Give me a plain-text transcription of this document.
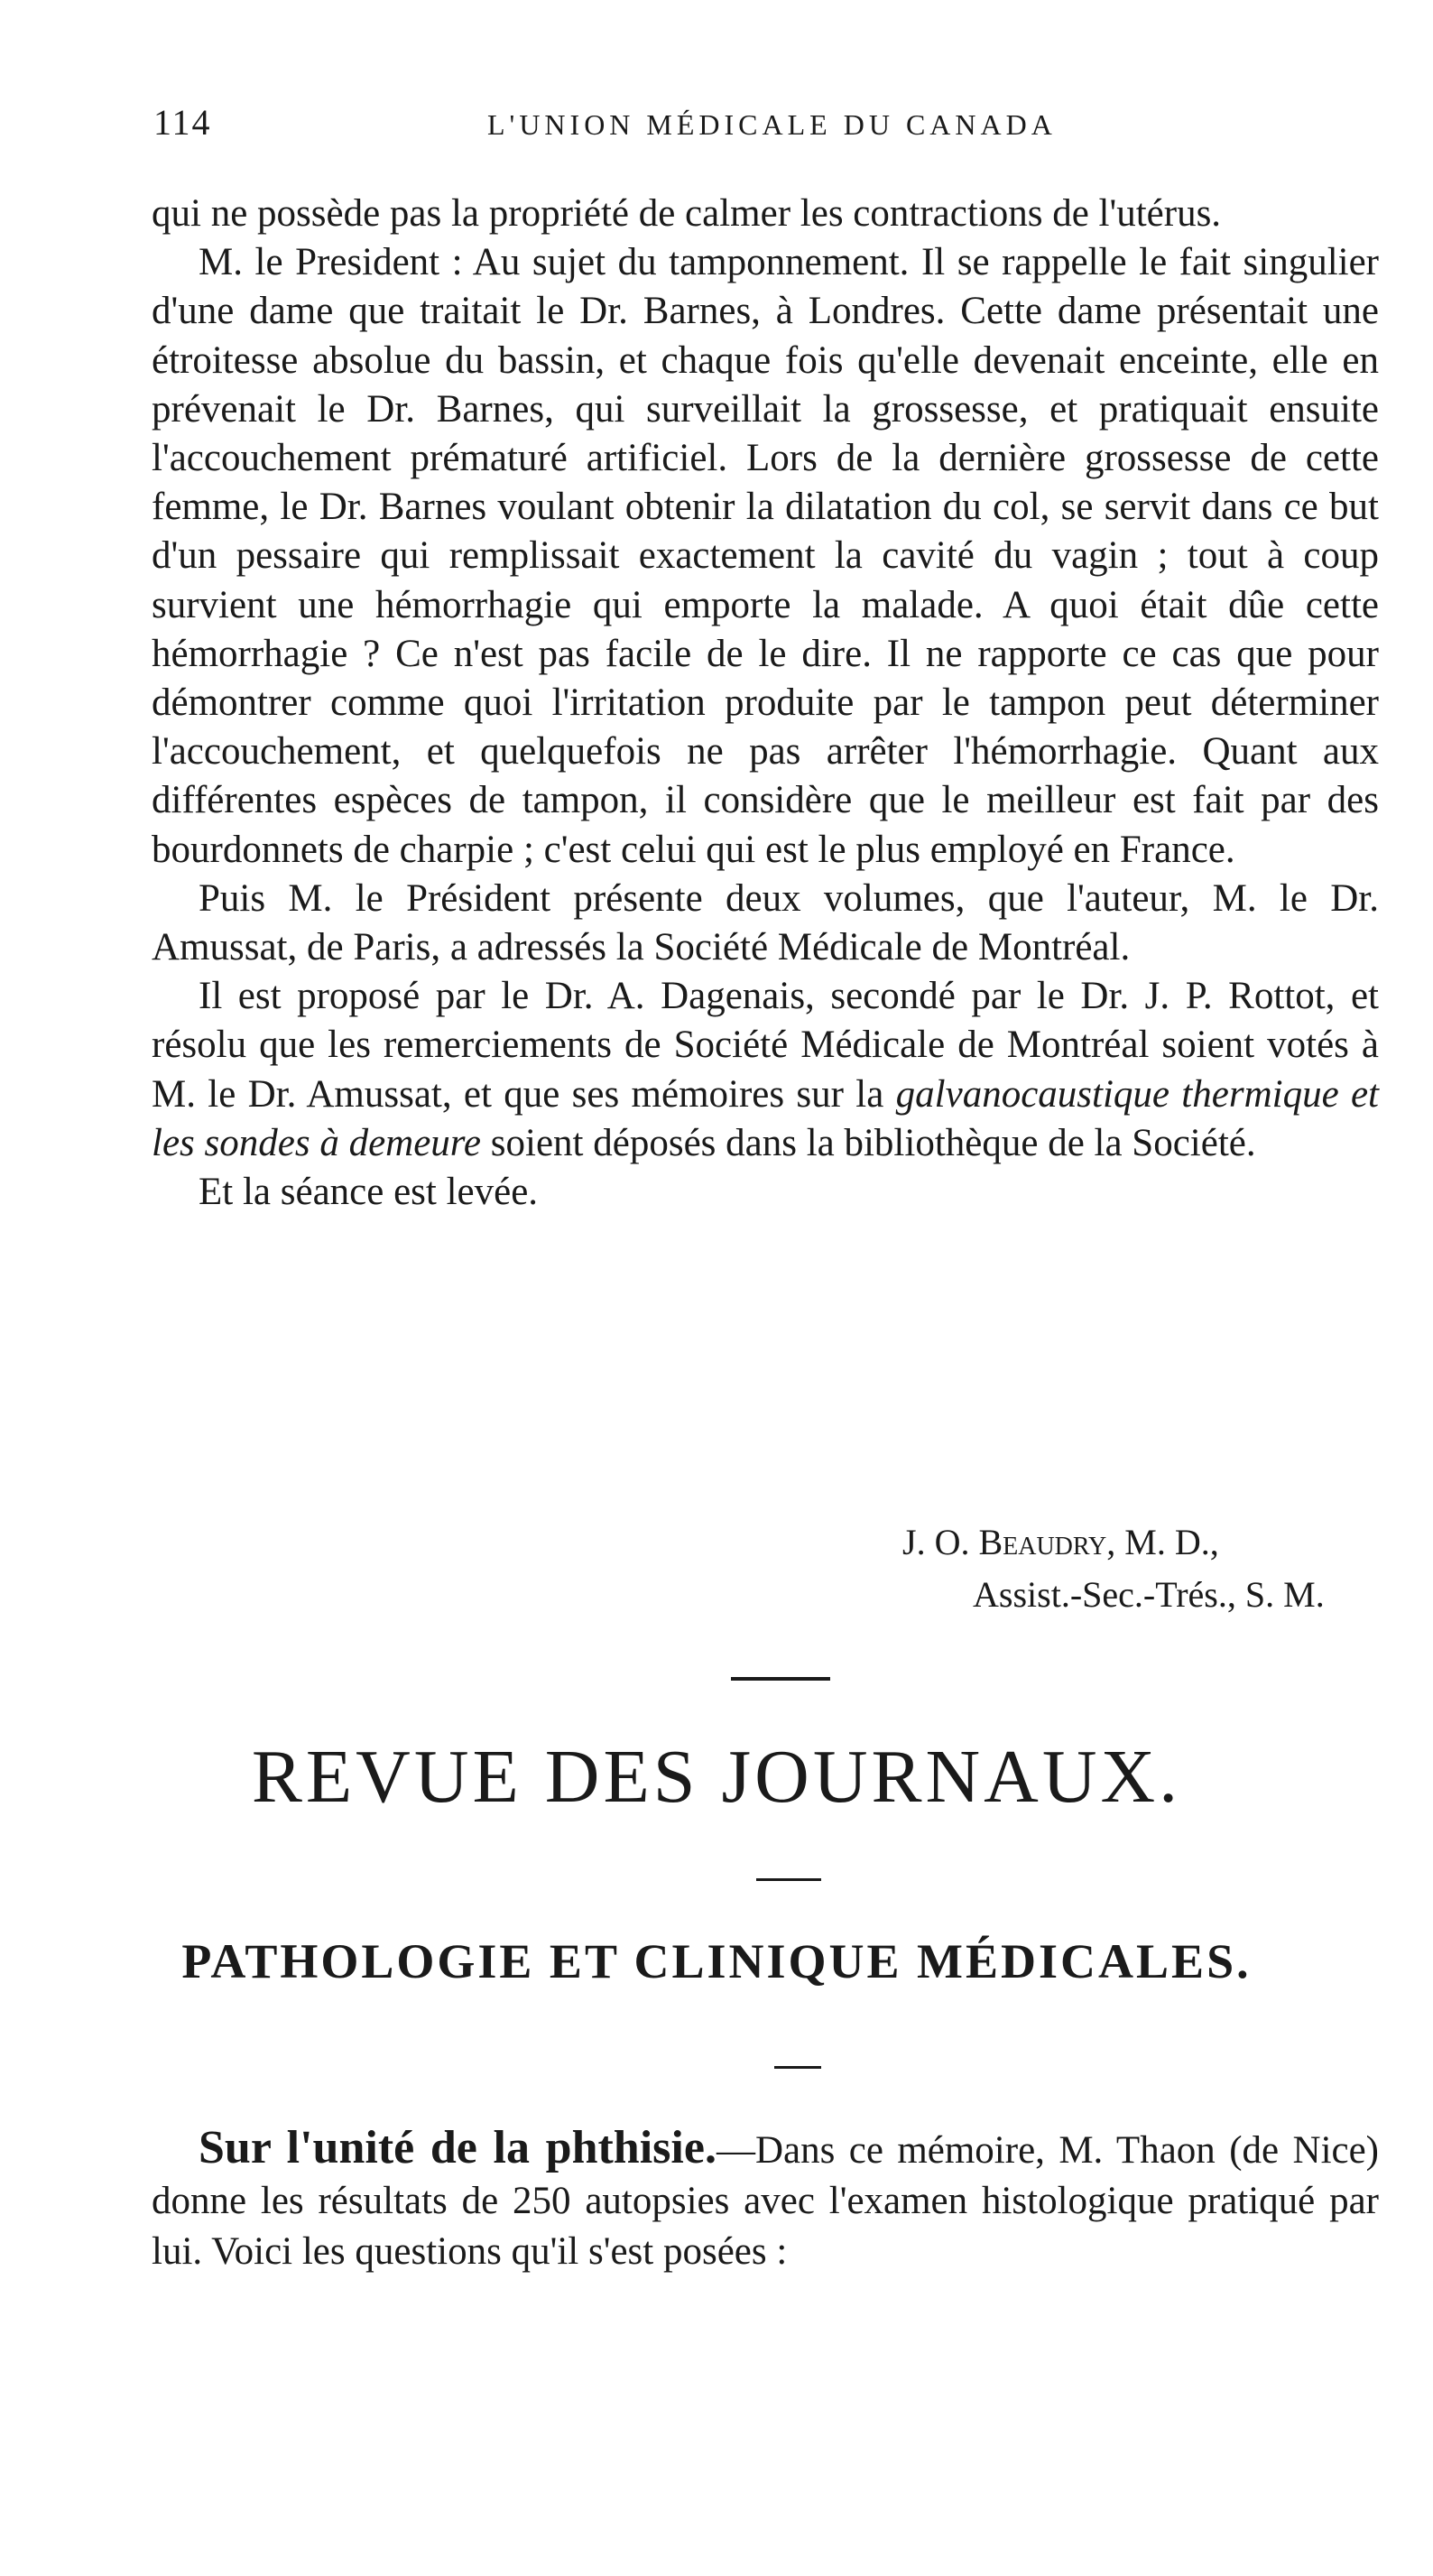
114	L'UNION MÉDICALE DU CANADA

qui ne possède pas la propriété de calmer les contractions de l'utérus.

M. le President : Au sujet du tamponnement. Il se rappelle le fait singulier d'une dame que traitait le Dr. Barnes, à Londres. Cette dame présentait une étroitesse absolue du bassin, et chaque fois qu'elle devenait enceinte, elle en prévenait le Dr. Barnes, qui surveillait la grossesse, et pratiquait ensuite l'accouchement prématuré artificiel. Lors de la dernière grossesse de cette femme, le Dr. Barnes voulant obtenir la dilatation du col, se servit dans ce but d'un pessaire qui remplissait exactement la cavité du vagin ; tout à coup survient une hémorrhagie qui emporte la malade. A quoi était dûe cette hémorrhagie ? Ce n'est pas facile de le dire. Il ne rapporte ce cas que pour démontrer comme quoi l'irritation produite par le tampon peut déterminer l'accouchement, et quelquefois ne pas arrêter l'hémorrhagie. Quant aux différentes espèces de tampon, il considère que le meilleur est fait par des bourdonnets de charpie ; c'est celui qui est le plus employé en France.

Puis M. le Président présente deux volumes, que l'auteur, M. le Dr. Amussat, de Paris, a adressés la Société Médicale de Montréal.

Il est proposé par le Dr. A. Dagenais, secondé par le Dr. J. P. Rottot, et résolu que les remerciements de Société Médicale de Montréal soient votés à M. le Dr. Amussat, et que ses mémoires sur la galvanocaustique thermique et les sondes à demeure soient déposés dans la bibliothèque de la Société.

Et la séance est levée.

J. O. Beaudry, M. D.,
Assist.-Sec.-Trés., S. M.
REVUE DES JOURNAUX.
PATHOLOGIE ET CLINIQUE MÉDICALES.

Sur l'unité de la phthisie.—Dans ce mémoire, M. Thaon (de Nice) donne les résultats de 250 autopsies avec l'examen histologique pratiqué par lui. Voici les questions qu'il s'est posées :
